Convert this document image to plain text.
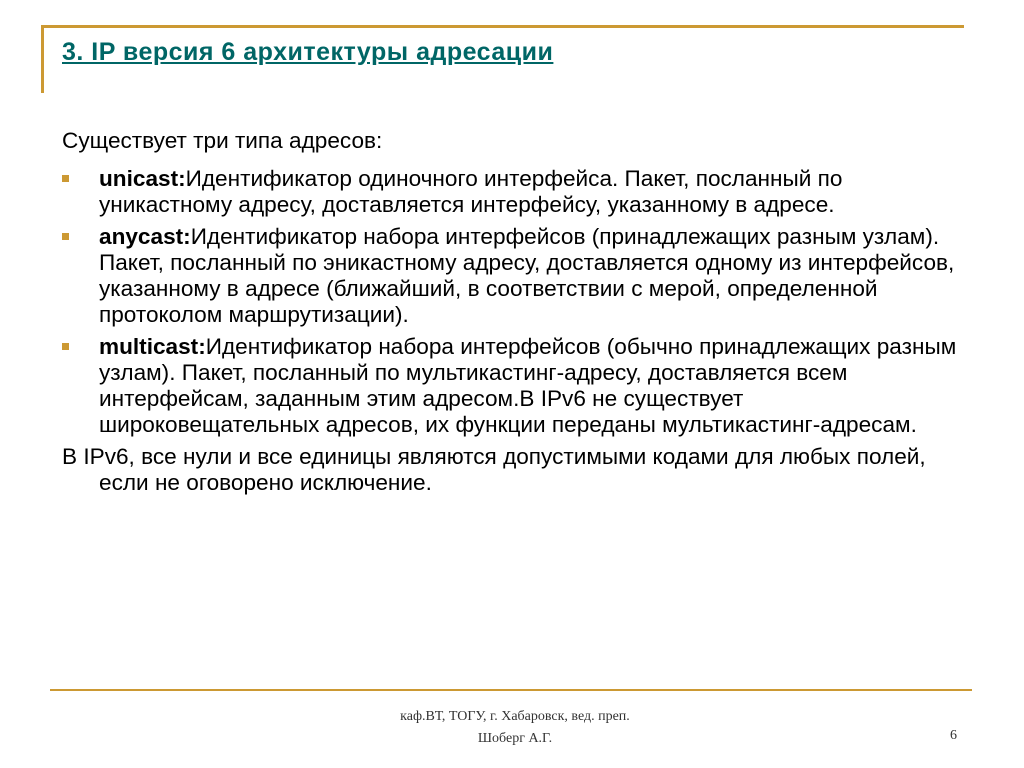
3. IP версия 6 архитектуры адресации

Существует три типа адресов:

unicast:Идентификатор одиночного интерфейса. Пакет, посланный по уникастному адресу, доставляется интерфейсу, указанному в адресе.
anycast:Идентификатор набора интерфейсов (принадлежащих разным узлам). Пакет, посланный по эникастному адресу, доставляется одному из интерфейсов, указанному в адресе (ближайший, в соответствии с мерой, определенной протоколом маршрутизации).
multicast:Идентификатор набора интерфейсов (обычно принадлежащих разным узлам). Пакет, посланный по мультикастинг-адресу, доставляется всем интерфейсам, заданным этим адресом.В IPv6 не существует широковещательных адресов, их функции переданы мультикастинг-адресам.

В IPv6, все нули и все единицы являются допустимыми кодами для любых полей, если не оговорено исключение.

каф.ВТ, ТОГУ, г. Хабаровск, вед. преп.
Шоберг А.Г.	6
